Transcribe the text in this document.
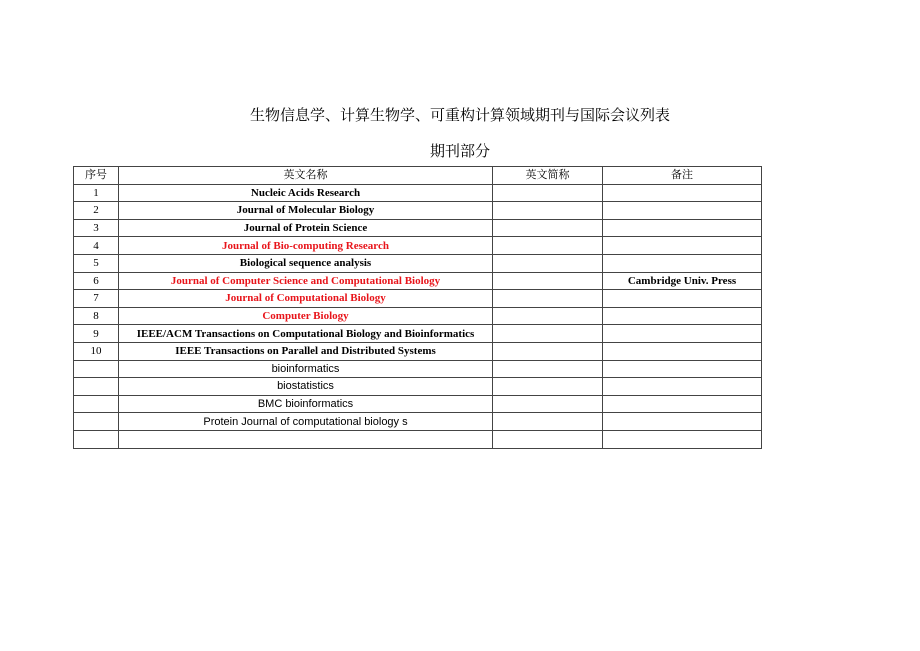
生物信息学、计算生物学、可重构计算领域期刊与国际会议列表
期刊部分
序号	英文名称	英文简称	备注
1	Nucleic Acids Research		
2	Journal of Molecular Biology		
3	Journal of Protein Science		
4	Journal of Bio-computing Research		
5	Biological sequence analysis		
6	Journal of Computer Science and Computational Biology		Cambridge Univ. Press
7	Journal of Computational Biology		
8	Computer Biology		
9	IEEE/ACM Transactions on Computational Biology and Bioinformatics		
10	IEEE Transactions on Parallel and Distributed Systems		
	bioinformatics		
	biostatistics		
	BMC bioinformatics		
	Protein Journal of computational biology s		
